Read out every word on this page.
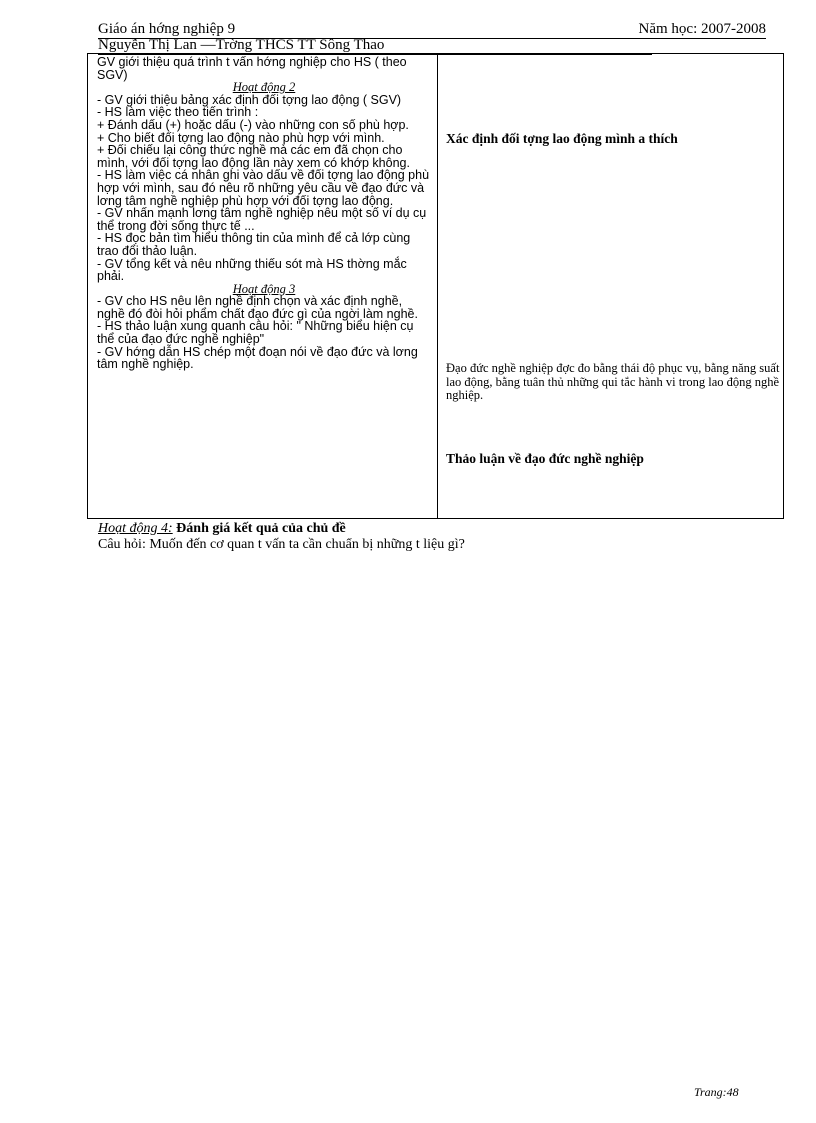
Giáo án hớng nghiệp 9	Năm học: 2007-2008
Nguyễn Thị Lan —Trờng THCS TT Sông Thao

GV giới thiệu quá trình t vấn hớng nghiệp cho HS ( theo SGV)

Hoạt động 2

- GV giới thiệu bảng xác định đối tợng lao động ( SGV)

- HS làm việc theo tiến trình :

+ Đánh dấu (+) hoặc dấu (-) vào những con số phù hợp.

+ Cho biết đối tợng lao động nào phù hợp với mình.

+ Đối chiếu lại công thức nghề mà các em đã chọn cho mình, với đối tợng lao động lần này xem có khớp không.

- HS làm việc cá nhân ghi vào dấu về đối tợng lao động phù hợp với mình, sau đó nêu rõ những yêu cầu về đạo đức và lơng tâm nghề nghiệp phù hợp với đối tợng lao động.

- GV nhấn mạnh lơng tâm nghề nghiệp nêu một số ví dụ cụ thể trong đời sống thực tế ...

- HS đọc bản tìm hiểu thông tin của mình để cả lớp cùng trao đổi thảo luận.

- GV tổng kết và nêu những thiếu sót mà HS thờng mắc phải.

Hoạt động 3

- GV cho HS nêu lên nghề định chọn và xác định nghề, nghề đó đòi hỏi phẩm chất đạo đức gì của ngời làm nghề.

- HS thảo luận xung quanh câu hỏi: " Những biểu hiện cụ thể của đạo đức nghề nghiệp"

- GV hớng dẫn HS chép một đoạn nói về đạo đức và lơng tâm nghề nghiệp.

Xác định đối tợng lao động mình a thích
Đạo đức nghề nghiệp đợc đo bằng thái độ phục vụ, bằng năng suất lao động, bằng tuân thủ những qui tắc hành vi trong lao động nghề nghiệp.
Thảo luận về đạo đức nghề nghiệp
Hoạt động 4: Đánh giá kết quả của chủ đề
Câu hỏi: Muốn đến cơ quan t vấn ta cần chuẩn bị những t liệu gì?
Trang:48
